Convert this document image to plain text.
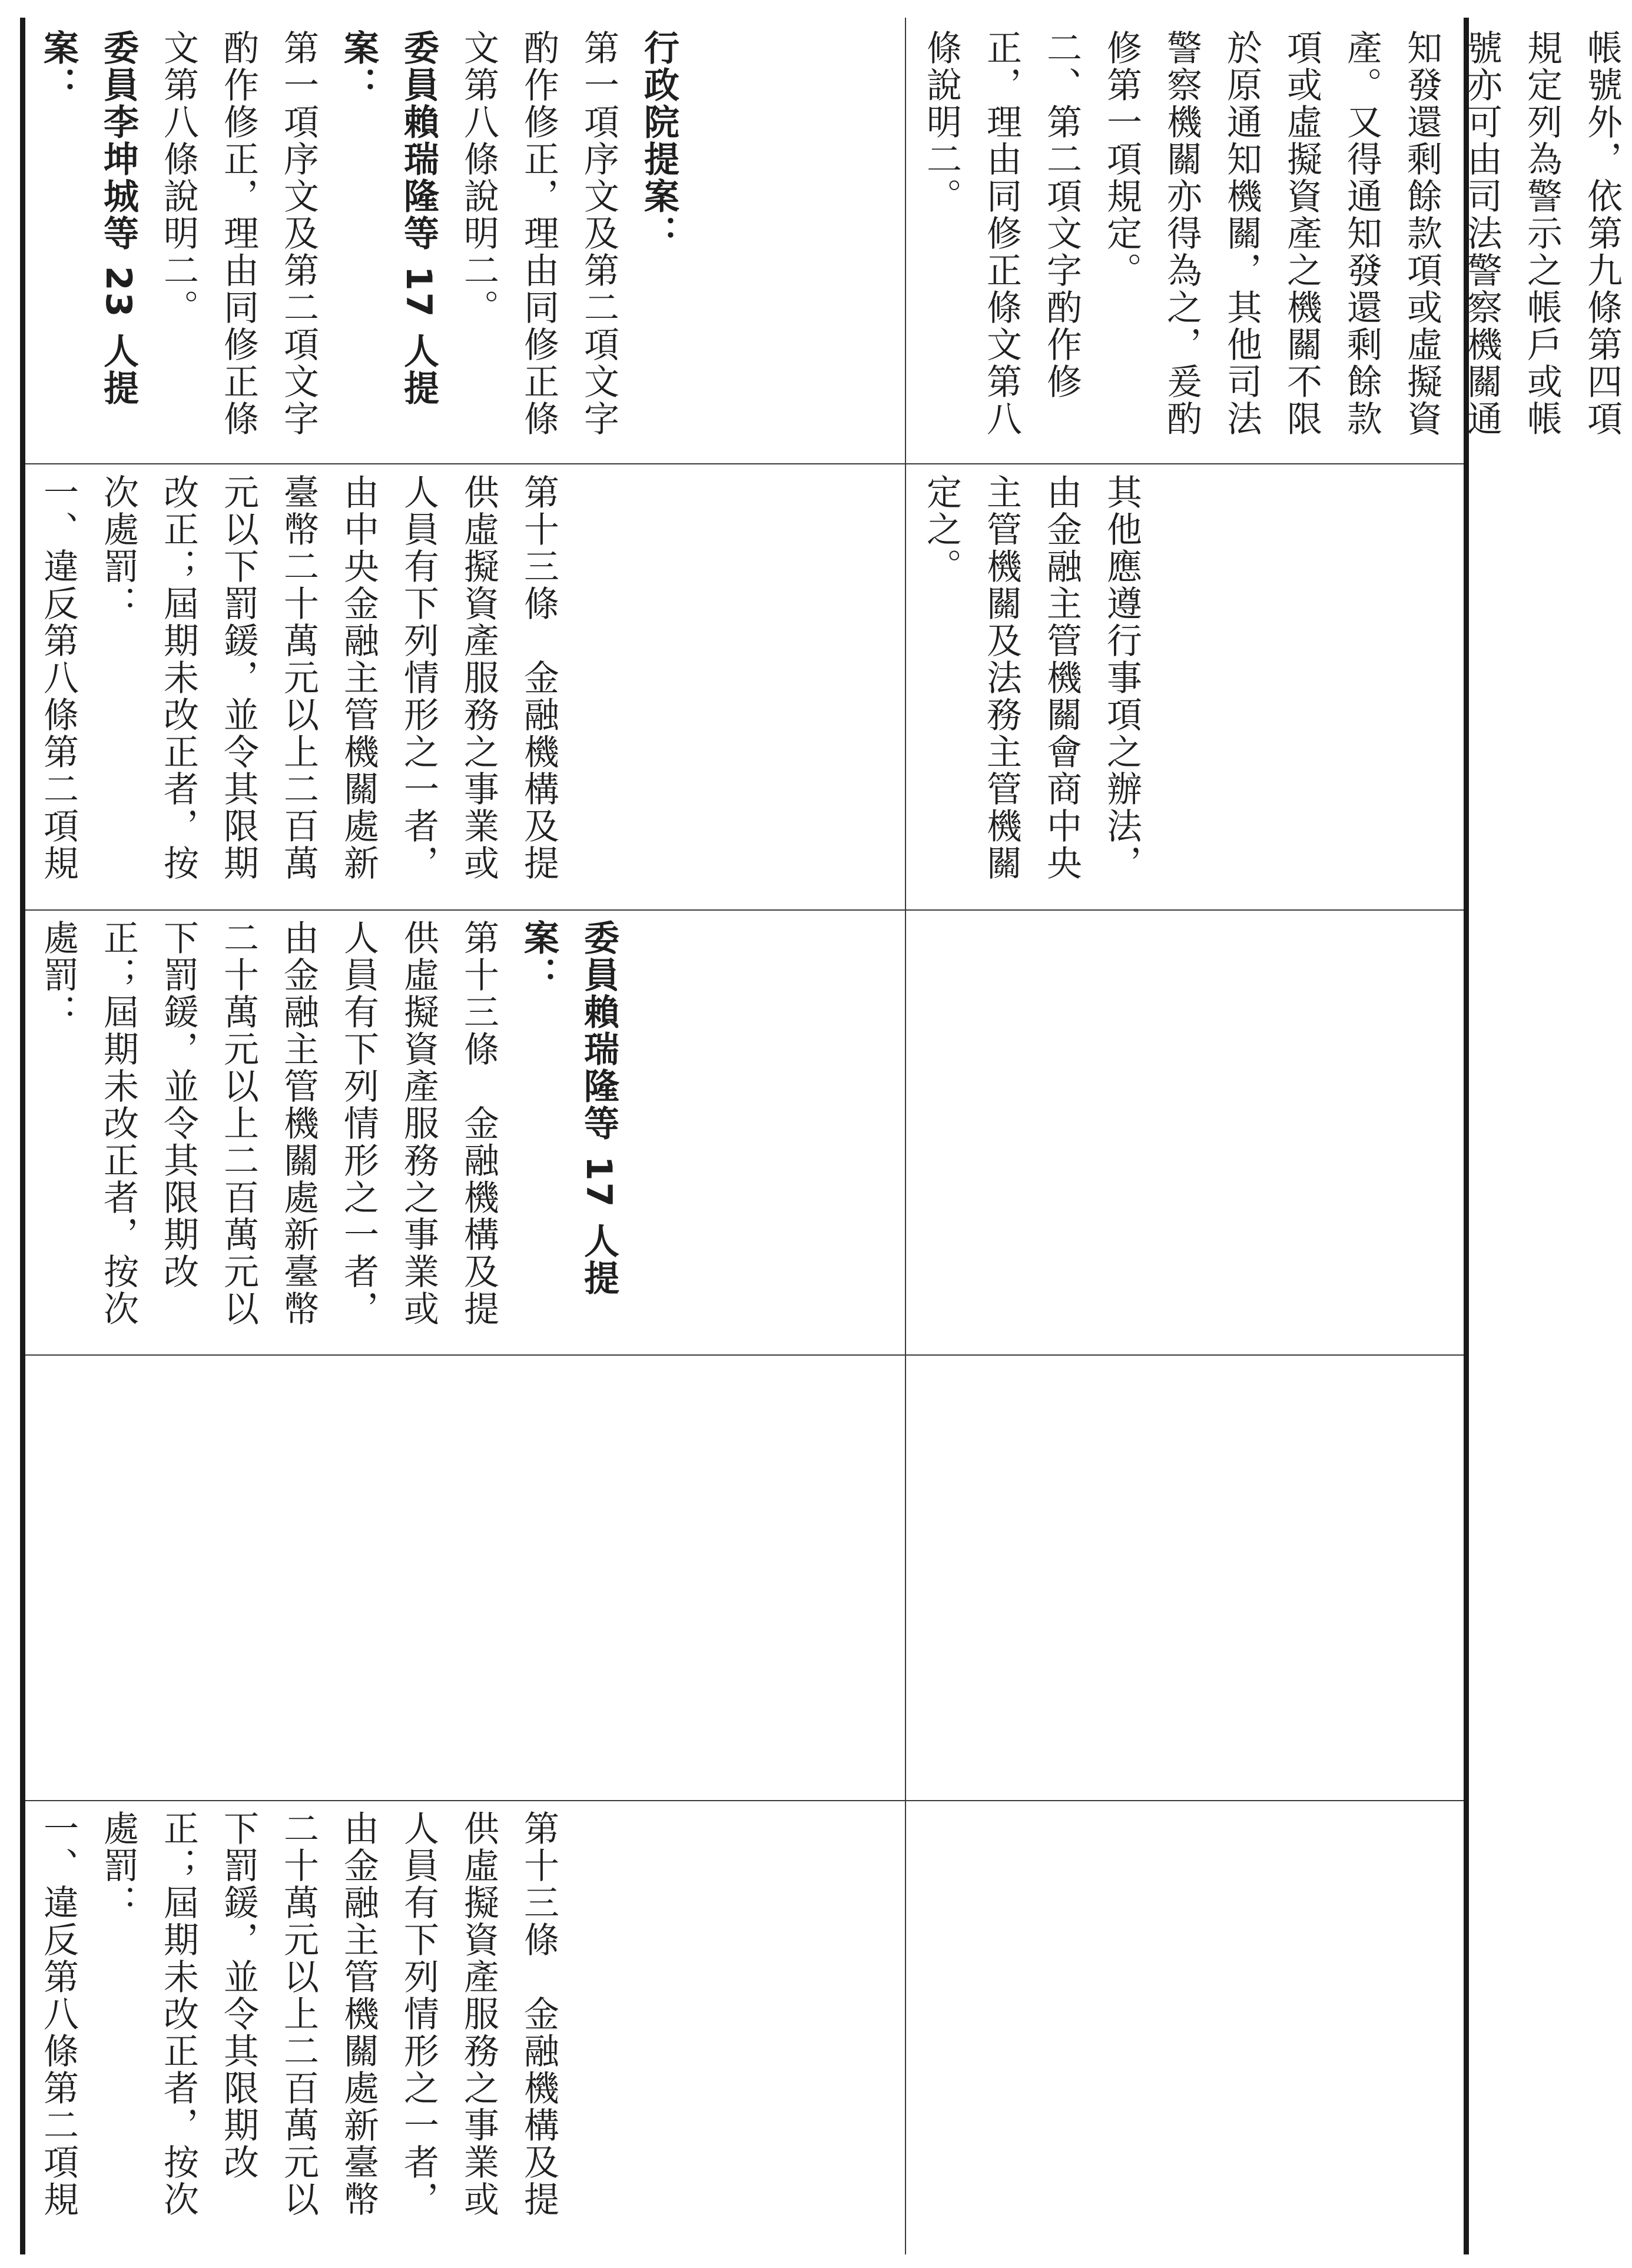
帳號外，依第九條第四項規定列為警示之帳戶或帳號亦可由司法警察機關通知發還剩餘款項或虛擬資產。又得通知發還剩餘款項或虛擬資產之機關不限於原通知機關，其他司法警察機關亦得為之，爰酌修第一項規定。

二、第二項文字酌作修正，理由同修正條文第八條說明二。

其他應遵行事項之辦法，由金融主管機關會商中央主管機關及法務主管機關定之。

行政院提案：

第一項序文及第二項文字酌作修正，理由同修正條文第八條說明二。

委員賴瑞隆等 17 人提案：

第一項序文及第二項文字酌作修正，理由同修正條文第八條說明二。

委員李坤城等 23 人提案：

第十三條　金融機構及提供虛擬資產服務之事業或人員有下列情形之一者，由中央金融主管機關處新臺幣二十萬元以上二百萬元以下罰鍰，並令其限期改正；屆期未改正者，按次處罰：

一、違反第八條第二項規

委員賴瑞隆等 17 人提案：

第十三條　金融機構及提供虛擬資產服務之事業或人員有下列情形之一者，由金融主管機關處新臺幣二十萬元以上二百萬元以下罰鍰，並令其限期改正；屆期未改正者，按次處罰：

第十三條　金融機構及提供虛擬資產服務之事業或人員有下列情形之一者，由金融主管機關處新臺幣二十萬元以上二百萬元以下罰鍰，並令其限期改正；屆期未改正者，按次處罰：

一、違反第八條第二項規
